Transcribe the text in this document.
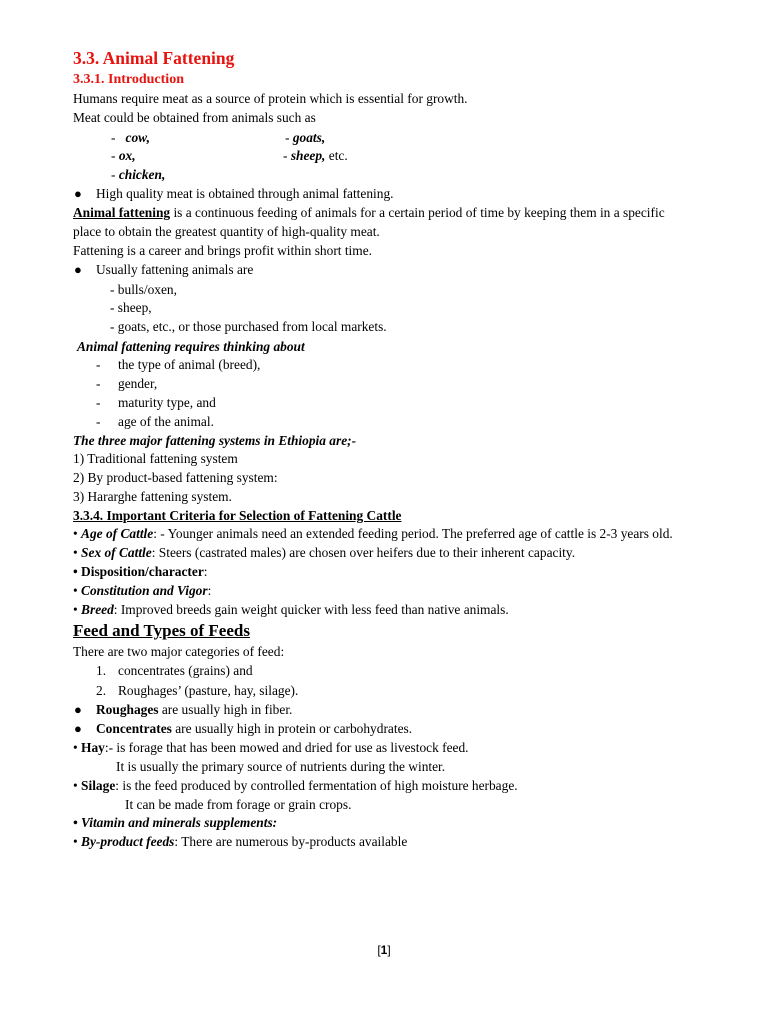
3.3. Animal Fattening
3.3.1. Introduction
Humans require meat as a source of protein which is essential for growth.
Meat could be obtained from animals such as
-   cow,	- goats,
- ox,	- sheep, etc.
- chicken,
● High quality meat is obtained through animal fattening.
Animal fattening is a continuous feeding of animals for a certain period of time by keeping them in a specific
place to obtain the greatest quantity of high-quality meat.
Fattening is a career and brings profit within short time.
● Usually fattening animals are
- bulls/oxen,
- sheep,
- goats, etc., or those purchased from local markets.
Animal fattening requires thinking about
- the type of animal (breed),
- gender,
- maturity type, and
- age of the animal.
The three major fattening systems in Ethiopia are;-
1) Traditional fattening system
2) By product-based fattening system:
3) Hararghe fattening system.
3.3.4. Important Criteria for Selection of Fattening Cattle
• Age of Cattle: - Younger animals need an extended feeding period. The preferred age of cattle is 2-3 years old.
• Sex of Cattle: Steers (castrated males) are chosen over heifers due to their inherent capacity.
• Disposition/character:
• Constitution and Vigor:
• Breed: Improved breeds gain weight quicker with less feed than native animals.
Feed and Types of Feeds
There are two major categories of feed:
1. concentrates (grains) and
2. Roughages’ (pasture, hay, silage).
● Roughages are usually high in fiber.
● Concentrates are usually high in protein or carbohydrates.
• Hay:- is forage that has been mowed and dried for use as livestock feed.
It is usually the primary source of nutrients during the winter.
• Silage: is the feed produced by controlled fermentation of high moisture herbage.
It can be made from forage or grain crops.
• Vitamin and minerals supplements:
• By-product feeds: There are numerous by-products available
[1]
